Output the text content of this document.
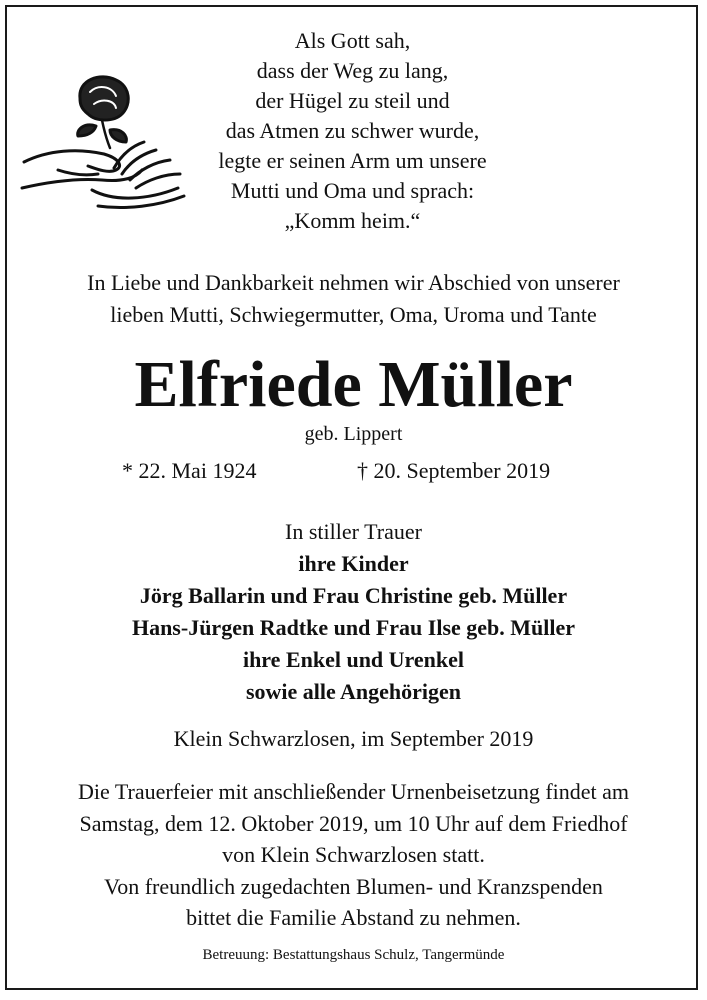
Als Gott sah,
dass der Weg zu lang,
der Hügel zu steil und
das Atmen zu schwer wurde,
legte er seinen Arm um unsere
Mutti und Oma und sprach:
„Komm heim.“
In Liebe und Dankbarkeit nehmen wir Abschied von unserer
lieben Mutti, Schwiegermutter, Oma, Uroma und Tante
Elfriede Müller
geb. Lippert
* 22. Mai 1924	† 20. September 2019
In stiller Trauer
ihre Kinder
Jörg Ballarin und Frau Christine geb. Müller
Hans-Jürgen Radtke und Frau Ilse geb. Müller
ihre Enkel und Urenkel
sowie alle Angehörigen
Klein Schwarzlosen, im September 2019
Die Trauerfeier mit anschließender Urnenbeisetzung findet am
Samstag, dem 12. Oktober 2019, um 10 Uhr auf dem Friedhof
von Klein Schwarzlosen statt.
Von freundlich zugedachten Blumen- und Kranzspenden
bittet die Familie Abstand zu nehmen.
Betreuung: Bestattungshaus Schulz, Tangermünde
